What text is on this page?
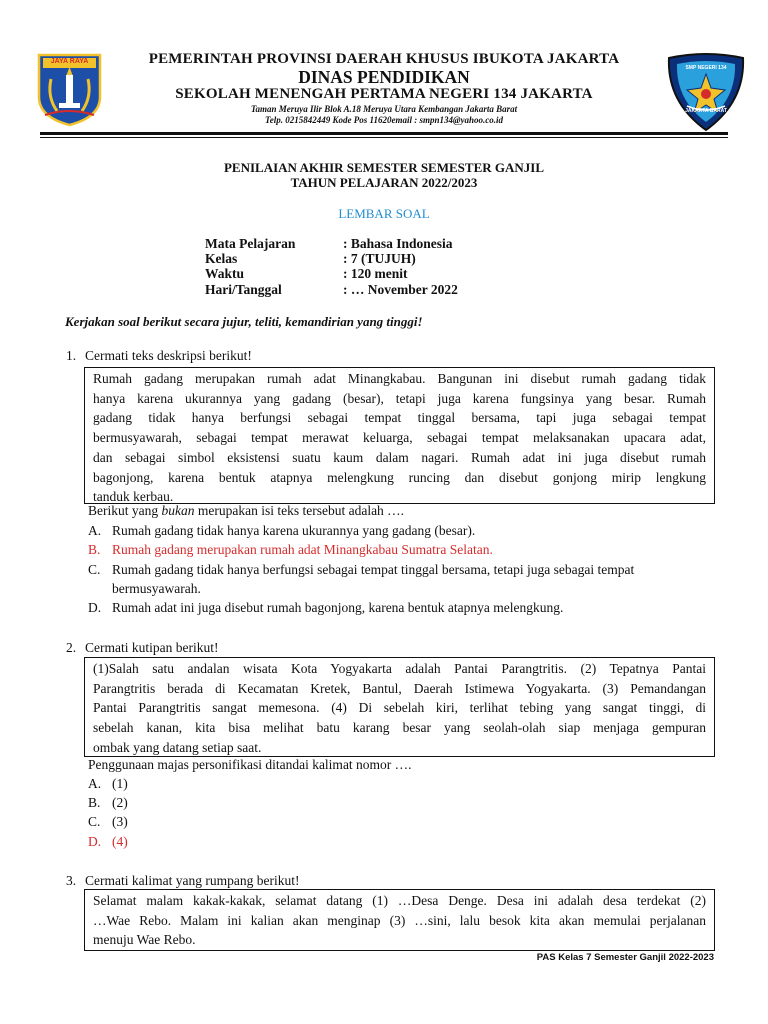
JAYA RAYA
SMP NEGERI 134
JAKARTA BARAT
PEMERINTAH PROVINSI DAERAH KHUSUS IBUKOTA JAKARTA
DINAS PENDIDIKAN
SEKOLAH MENENGAH PERTAMA NEGERI 134 JAKARTA
Taman Meruya Ilir Blok A.18 Meruya Utara Kembangan Jakarta Barat
Telp. 0215842449 Kode Pos 11620email : smpn134@yahoo.co.id
PENILAIAN AKHIR SEMESTER SEMESTER GANJIL
TAHUN PELAJARAN 2022/2023
LEMBAR SOAL
Mata Pelajaran	: Bahasa Indonesia
Kelas	: 7 (TUJUH)
Waktu	: 120 menit
Hari/Tanggal	: … November 2022
Kerjakan soal berikut secara jujur, teliti, kemandirian yang tinggi!
1. Cermati teks deskripsi berikut!
Rumah gadang merupakan rumah adat Minangkabau. Bangunan ini disebut rumah gadang tidak
hanya karena ukurannya yang gadang (besar), tetapi juga karena fungsinya yang besar. Rumah
gadang tidak hanya berfungsi sebagai tempat tinggal bersama, tapi juga sebagai tempat
bermusyawarah, sebagai tempat merawat keluarga, sebagai tempat melaksanakan upacara adat,
dan sebagai simbol eksistensi suatu kaum dalam nagari. Rumah adat ini juga disebut rumah
bagonjong, karena bentuk atapnya melengkung runcing dan disebut gonjong mirip lengkung
tanduk kerbau.
Berikut yang bukan merupakan isi teks tersebut adalah ….
A. Rumah gadang tidak hanya karena ukurannya yang gadang (besar).
B. Rumah gadang merupakan rumah adat Minangkabau Sumatra Selatan.
C. Rumah gadang tidak hanya berfungsi sebagai tempat tinggal bersama, tetapi juga sebagai tempat
bermusyawarah.
D. Rumah adat ini juga disebut rumah bagonjong, karena bentuk atapnya melengkung.
2. Cermati kutipan berikut!
(1)Salah satu andalan wisata Kota Yogyakarta adalah Pantai Parangtritis. (2) Tepatnya Pantai
Parangtritis berada di Kecamatan Kretek, Bantul, Daerah Istimewa Yogyakarta. (3) Pemandangan
Pantai Parangtritis sangat memesona. (4) Di sebelah kiri, terlihat tebing yang sangat tinggi, di
sebelah kanan, kita bisa melihat batu karang besar yang seolah-olah siap menjaga gempuran
ombak yang datang setiap saat.
Penggunaan majas personifikasi ditandai kalimat nomor ….
A. (1)
B. (2)
C. (3)
D. (4)
3. Cermati kalimat yang rumpang berikut!
Selamat malam kakak-kakak, selamat datang (1) …Desa Denge. Desa ini adalah desa terdekat (2)
…Wae Rebo. Malam ini kalian akan menginap (3) …sini, lalu besok kita akan memulai perjalanan
menuju Wae Rebo.
PAS Kelas 7 Semester Ganjil 2022-2023
